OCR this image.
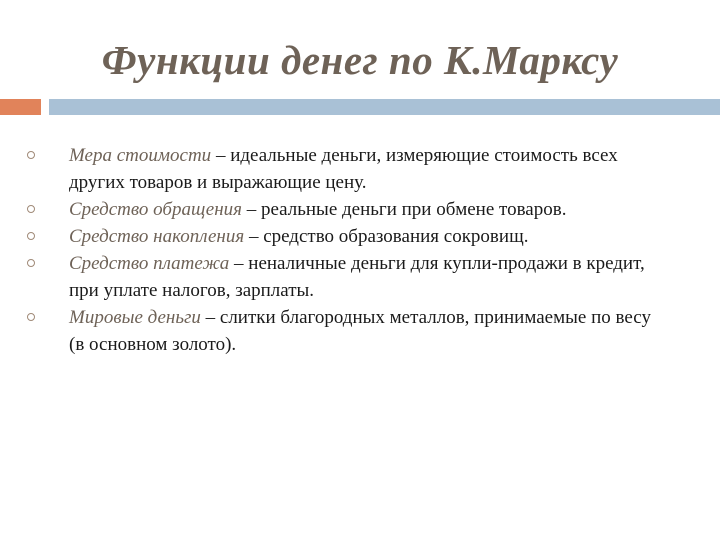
Функции денег по К.Марксу
Мера стоимости – идеальные деньги, измеряющие стоимость всех других товаров и выражающие цену.
Средство обращения – реальные деньги при обмене товаров.
Средство накопления – средство образования сокровищ.
Средство платежа – неналичные деньги для купли-продажи в кредит, при уплате налогов, зарплаты.
Мировые деньги – слитки благородных металлов, принимаемые по весу (в основном золото).
